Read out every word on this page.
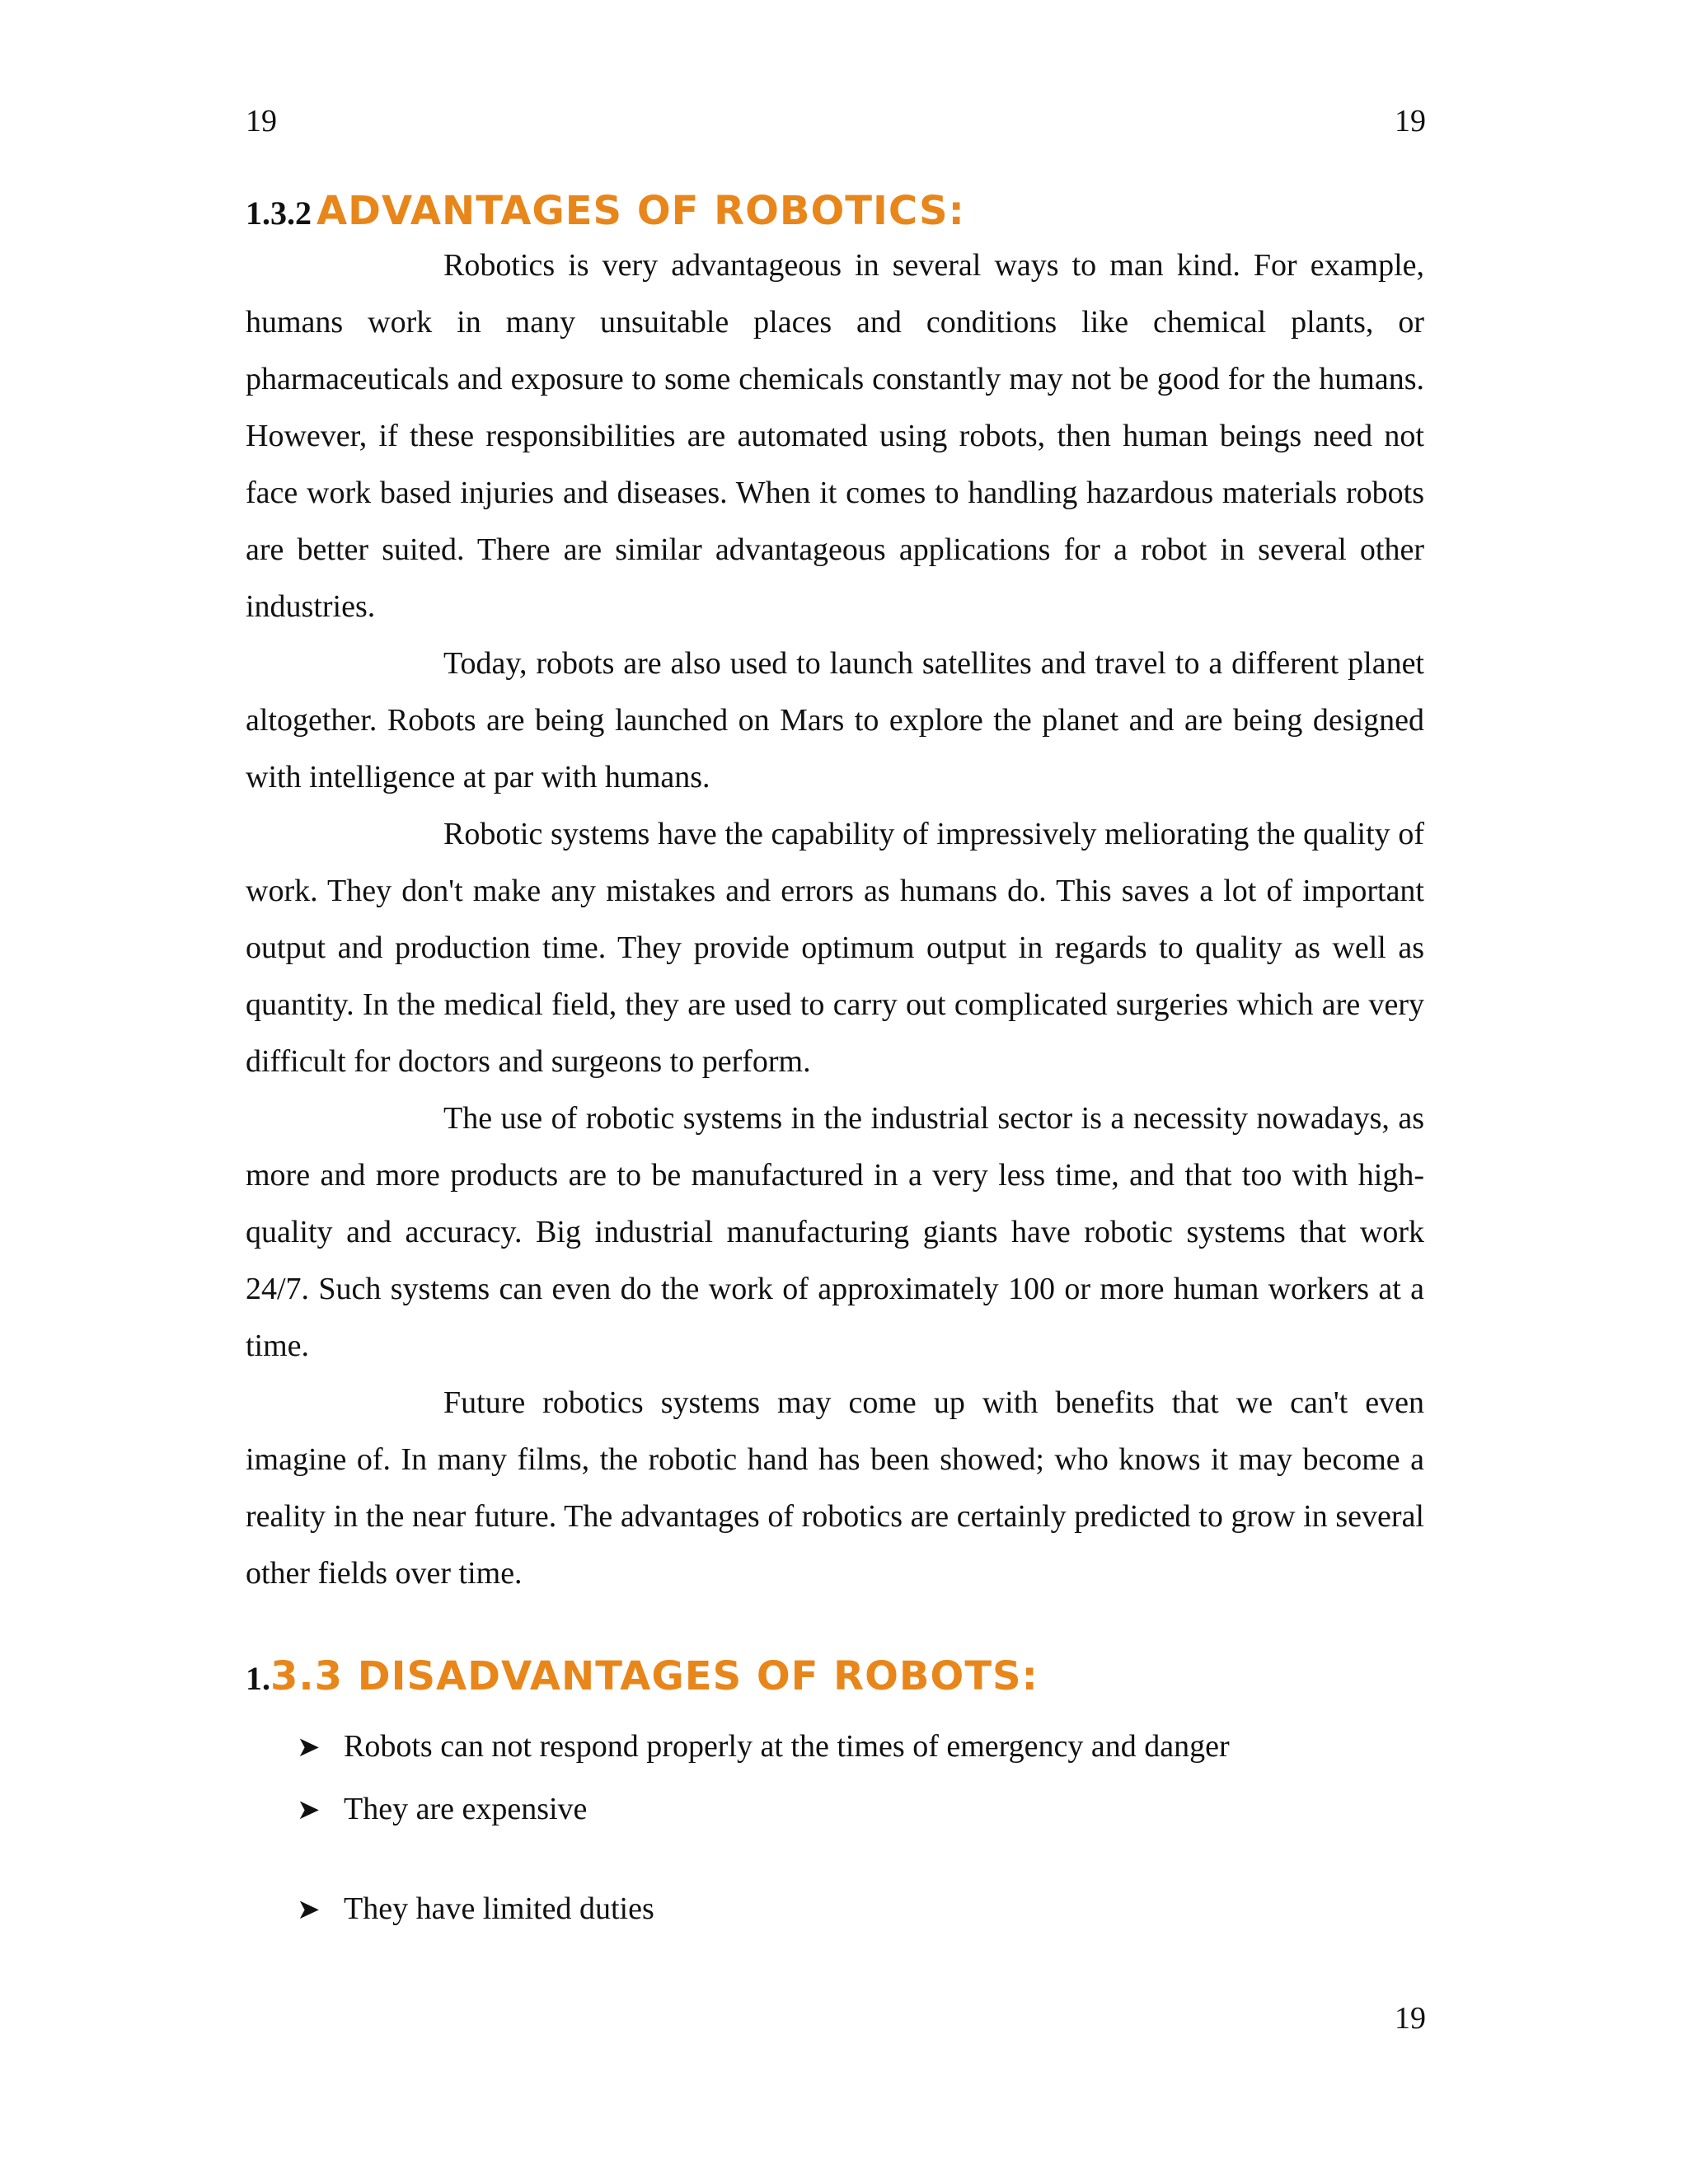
19	19
1.3.2 ADVANTAGES OF ROBOTICS:

Robotics is very advantageous in several ways to man kind. For example, humans work in many unsuitable places and conditions like chemical plants, or pharmaceuticals and exposure to some chemicals constantly may not be good for the humans. However, if these responsibilities are automated using robots, then human beings need not face work based injuries and diseases. When it comes to handling hazardous materials robots are better suited. There are similar advantageous applications for a robot in several other industries.

Today, robots are also used to launch satellites and travel to a different planet altogether. Robots are being launched on Mars to explore the planet and are being designed with intelligence at par with humans.

Robotic systems have the capability of impressively meliorating the quality of work. They don't make any mistakes and errors as humans do. This saves a lot of important output and production time. They provide optimum output in regards to quality as well as quantity. In the medical field, they are used to carry out complicated surgeries which are very difficult for doctors and surgeons to perform.

The use of robotic systems in the industrial sector is a necessity nowadays, as more and more products are to be manufactured in a very less time, and that too with high-quality and accuracy. Big industrial manufacturing giants have robotic systems that work 24/7. Such systems can even do the work of approximately 100 or more human workers at a time.

Future robotics systems may come up with benefits that we can't even imagine of. In many films, the robotic hand has been showed; who knows it may become a reality in the near future. The advantages of robotics are certainly predicted to grow in several other fields over time.

1.3.3 DISADVANTAGES OF ROBOTS:
➤ Robots can not respond properly at the times of emergency and danger
➤ They are expensive
➤ They have limited duties
19
